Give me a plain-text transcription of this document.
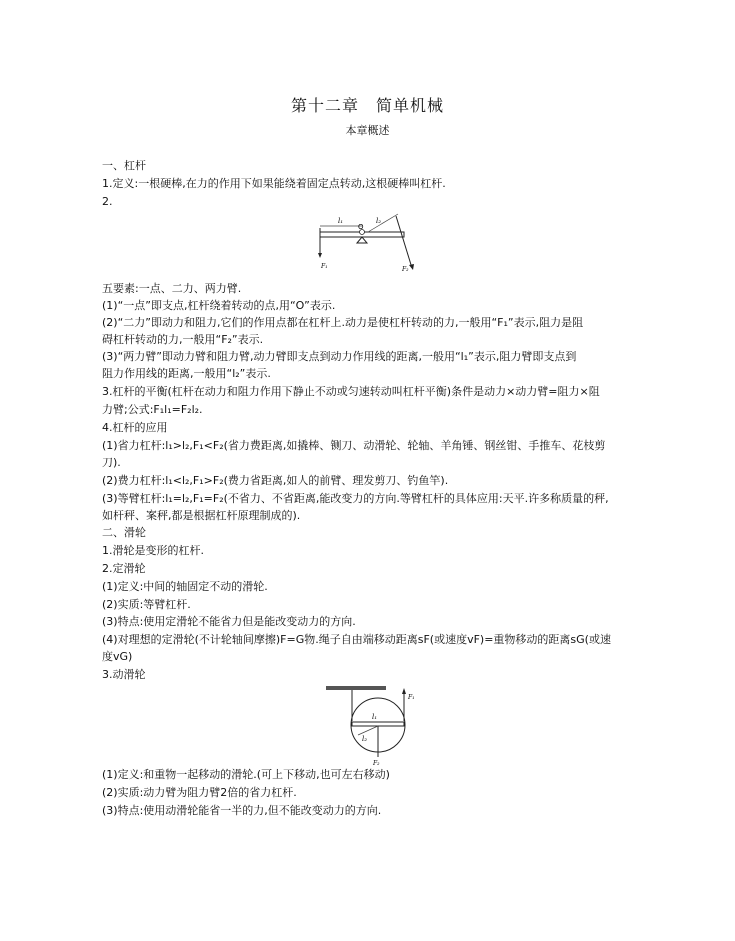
第十二章　简单机械
本章概述
一、杠杆
1.定义:一根硬棒,在力的作用下如果能绕着固定点转动,这根硬棒叫杠杆.
2.
l₁	l₂
O
F₁	F₂
五要素:一点、二力、两力臂.
(1)“一点”即支点,杠杆绕着转动的点,用“O”表示.
(2)“二力”即动力和阻力,它们的作用点都在杠杆上.动力是使杠杆转动的力,一般用“F₁”表示,阻力是阻
碍杠杆转动的力,一般用“F₂”表示.
(3)“两力臂”即动力臂和阻力臂,动力臂即支点到动力作用线的距离,一般用“l₁”表示,阻力臂即支点到
阻力作用线的距离,一般用“l₂”表示.
3.杠杆的平衡(杠杆在动力和阻力作用下静止不动或匀速转动叫杠杆平衡)条件是动力×动力臂=阻力×阻
力臂;公式:F₁l₁=F₂l₂.
4.杠杆的应用
(1)省力杠杆:l₁>l₂,F₁<F₂(省力费距离,如撬棒、铡刀、动滑轮、轮轴、羊角锤、钢丝钳、手推车、花枝剪
刀).
(2)费力杠杆:l₁<l₂,F₁>F₂(费力省距离,如人的前臂、理发剪刀、钓鱼竿).
(3)等臂杠杆:l₁=l₂,F₁=F₂(不省力、不省距离,能改变力的方向.等臂杠杆的具体应用:天平.许多称质量的秤,
如杆秤、案秤,都是根据杠杆原理制成的).
二、滑轮
1.滑轮是变形的杠杆.
2.定滑轮
(1)定义:中间的轴固定不动的滑轮.
(2)实质:等臂杠杆.
(3)特点:使用定滑轮不能省力但是能改变动力的方向.
(4)对理想的定滑轮(不计轮轴间摩擦)F=G物.绳子自由端移动距离sF(或速度vF)=重物移动的距离sG(或速
度vG)
3.动滑轮
l₁
l₂
F₁
F₂
(1)定义:和重物一起移动的滑轮.(可上下移动,也可左右移动)
(2)实质:动力臂为阻力臂2倍的省力杠杆.
(3)特点:使用动滑轮能省一半的力,但不能改变动力的方向.
